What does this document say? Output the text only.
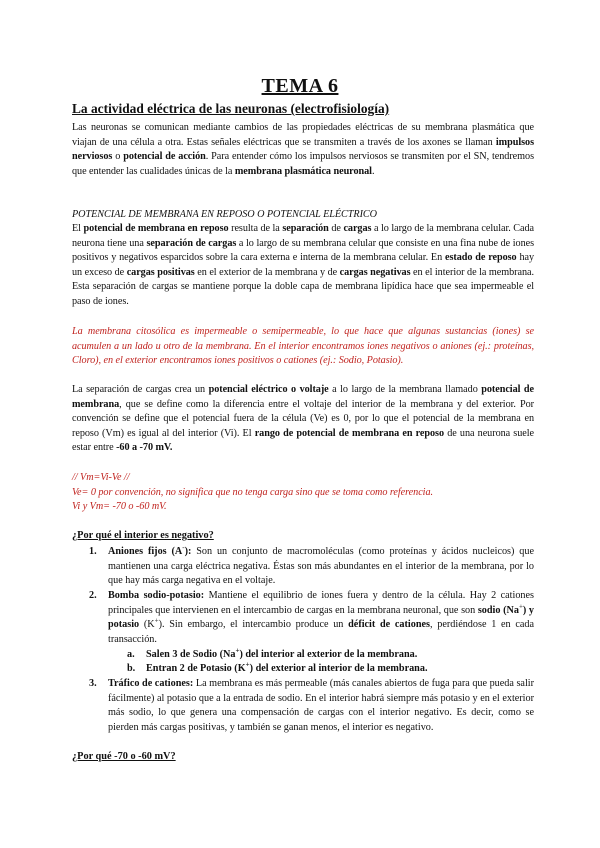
TEMA 6
La actividad eléctrica de las neuronas (electrofisiología)
Las neuronas se comunican mediante cambios de las propiedades eléctricas de su membrana plasmática que viajan de una célula a otra. Estas señales eléctricas que se transmiten a través de los axones se llaman impulsos nerviosos o potencial de acción. Para entender cómo los impulsos nerviosos se transmiten por el SN, tendremos que entender las cualidades únicas de la membrana plasmática neuronal.
POTENCIAL DE MEMBRANA EN REPOSO O POTENCIAL ELÉCTRICO
El potencial de membrana en reposo resulta de la separación de cargas a lo largo de la membrana celular. Cada neurona tiene una separación de cargas a lo largo de su membrana celular que consiste en una fina nube de iones positivos y negativos esparcidos sobre la cara externa e interna de la membrana celular. En estado de reposo hay un exceso de cargas positivas en el exterior de la membrana y de cargas negativas en el interior de la membrana. Esta separación de cargas se mantiene porque la doble capa de membrana lipídica hace que sea impermeable el paso de iones.
La membrana citosólica es impermeable o semipermeable, lo que hace que algunas sustancias (iones) se acumulen a un lado u otro de la membrana. En el interior encontramos iones negativos o aniones (ej.: proteínas, Cloro), en el exterior encontramos iones positivos o cationes (ej.: Sodio, Potasio).
La separación de cargas crea un potencial eléctrico o voltaje a lo largo de la membrana llamado potencial de membrana, que se define como la diferencia entre el voltaje del interior de la membrana y del exterior. Por convención se define que el potencial fuera de la célula (Ve) es 0, por lo que el potencial de la membrana en reposo (Vm) es igual al del interior (Vi). El rango de potencial de membrana en reposo de una neurona suele estar entre -60 a -70 mV.
// Vm=Vi-Ve //
Ve= 0 por convención, no significa que no tenga carga sino que se toma como referencia.
Vi y Vm= -70 o -60 mV.
¿Por qué el interior es negativo?
1. Aniones fijos (A-): Son un conjunto de macromoléculas (como proteínas y ácidos nucleicos) que mantienen una carga eléctrica negativa. Éstas son más abundantes en el interior de la membrana, por lo que hay más carga negativa en el voltaje.
2. Bomba sodio-potasio: Mantiene el equilibrio de iones fuera y dentro de la célula. Hay 2 cationes principales que intervienen en el intercambio de cargas en la membrana neuronal, que son sodio (Na+) y potasio (K+). Sin embargo, el intercambio produce un déficit de cationes, perdiéndose 1 en cada transacción.
a. Salen 3 de Sodio (Na+) del interior al exterior de la membrana.
b. Entran 2 de Potasio (K+) del exterior al interior de la membrana.
3. Tráfico de cationes: La membrana es más permeable (más canales abiertos de fuga para que pueda salir fácilmente) al potasio que a la entrada de sodio. En el interior habrá siempre más potasio y en el exterior más sodio, lo que genera una compensación de cargas con el interior negativo. Es decir, como se pierden más cargas positivas, y también se ganan menos, el interior es negativo.
¿Por qué -70 o -60 mV?
